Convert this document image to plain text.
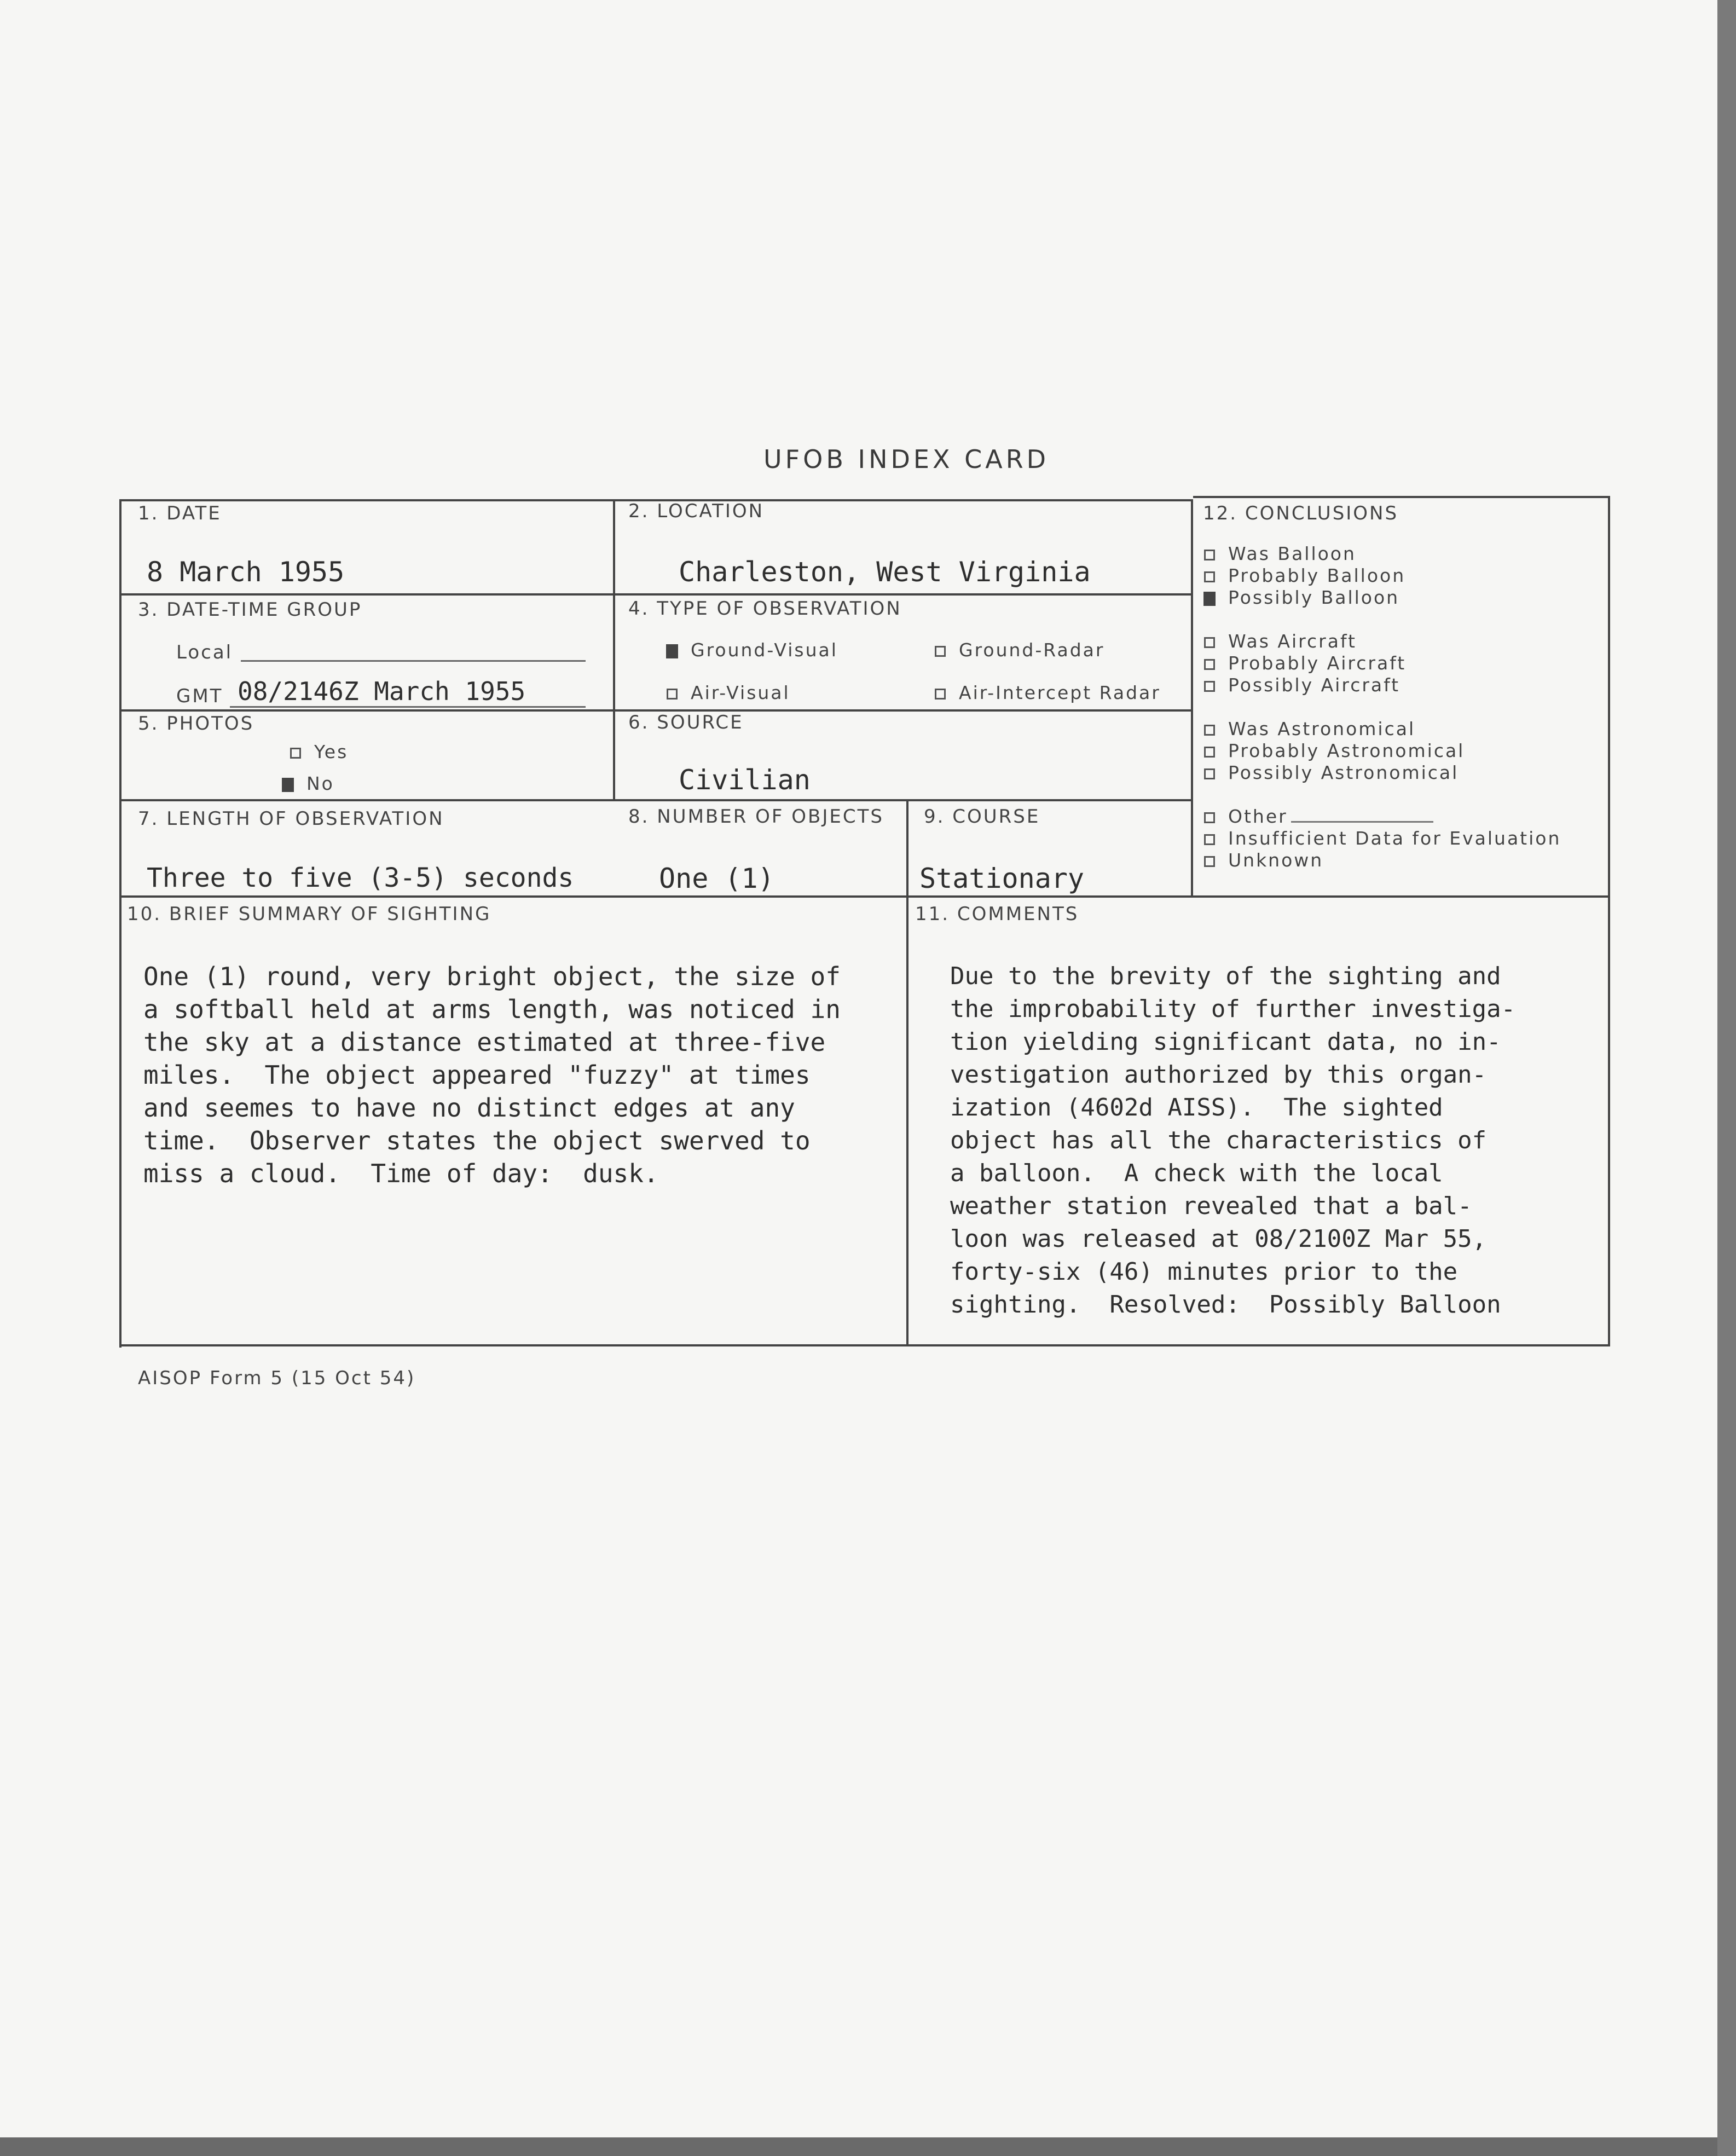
UFOB INDEX CARD
1. DATE
8 March 1955
2. LOCATION
Charleston, West Virginia
3. DATE-TIME GROUP
Local
GMT 08/2146Z March 1955
4. TYPE OF OBSERVATION
Ground-Visual	Ground-Radar
Air-Visual	Air-Intercept Radar
5. PHOTOS
Yes
No
6. SOURCE
Civilian
7. LENGTH OF OBSERVATION
Three to five (3-5) seconds
8. NUMBER OF OBJECTS
One (1)
9. COURSE
Stationary
10. BRIEF SUMMARY OF SIGHTING
One (1) round, very bright object, the size of
a softball held at arms length, was noticed in
the sky at a distance estimated at three-five
miles.  The object appeared "fuzzy" at times
and seemes to have no distinct edges at any
time.  Observer states the object swerved to
miss a cloud.  Time of day:  dusk.
11. COMMENTS
Due to the brevity of the sighting and
the improbability of further investiga-
tion yielding significant data, no in-
vestigation authorized by this organ-
ization (4602d AISS).  The sighted
object has all the characteristics of
a balloon.  A check with the local
weather station revealed that a bal-
loon was released at 08/2100Z Mar 55,
forty-six (46) minutes prior to the
sighting.  Resolved:  Possibly Balloon
12. CONCLUSIONS
Was Balloon
Probably Balloon
Possibly Balloon
Was Aircraft
Probably Aircraft
Possibly Aircraft
Was Astronomical
Probably Astronomical
Possibly Astronomical
Other
Insufficient Data for Evaluation
Unknown
AISOP Form 5 (15 Oct 54)
